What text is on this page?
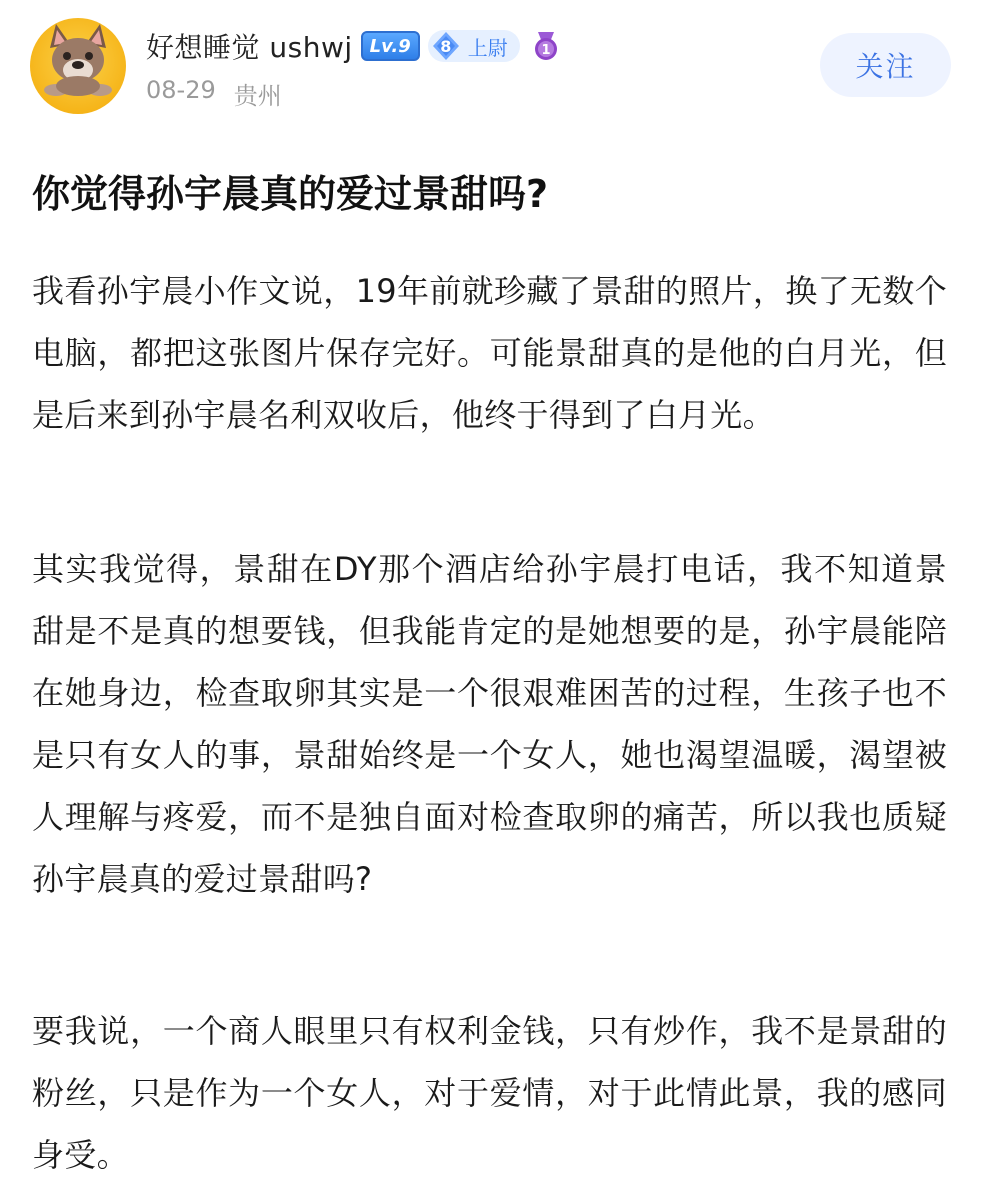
好想睡觉 ushwj Lv.9	8 上尉	1
08-29 贵州
关注
你觉得孙宇晨真的爱过景甜吗?

我看孙宇晨小作文说，19年前就珍藏了景甜的照片，换了无数个电脑，都把这张图片保存完好。可能景甜真的是他的白月光，但是后来到孙宇晨名利双收后，他终于得到了白月光。

其实我觉得，景甜在DY那个酒店给孙宇晨打电话，我不知道景甜是不是真的想要钱，但我能肯定的是她想要的是，孙宇晨能陪在她身边，检查取卵其实是一个很艰难困苦的过程，生孩子也不是只有女人的事，景甜始终是一个女人，她也渴望温暖，渴望被人理解与疼爱，而不是独自面对检查取卵的痛苦，所以我也质疑孙宇晨真的爱过景甜吗?

要我说，一个商人眼里只有权利金钱，只有炒作，我不是景甜的粉丝，只是作为一个女人，对于爱情，对于此情此景，我的感同身受。
